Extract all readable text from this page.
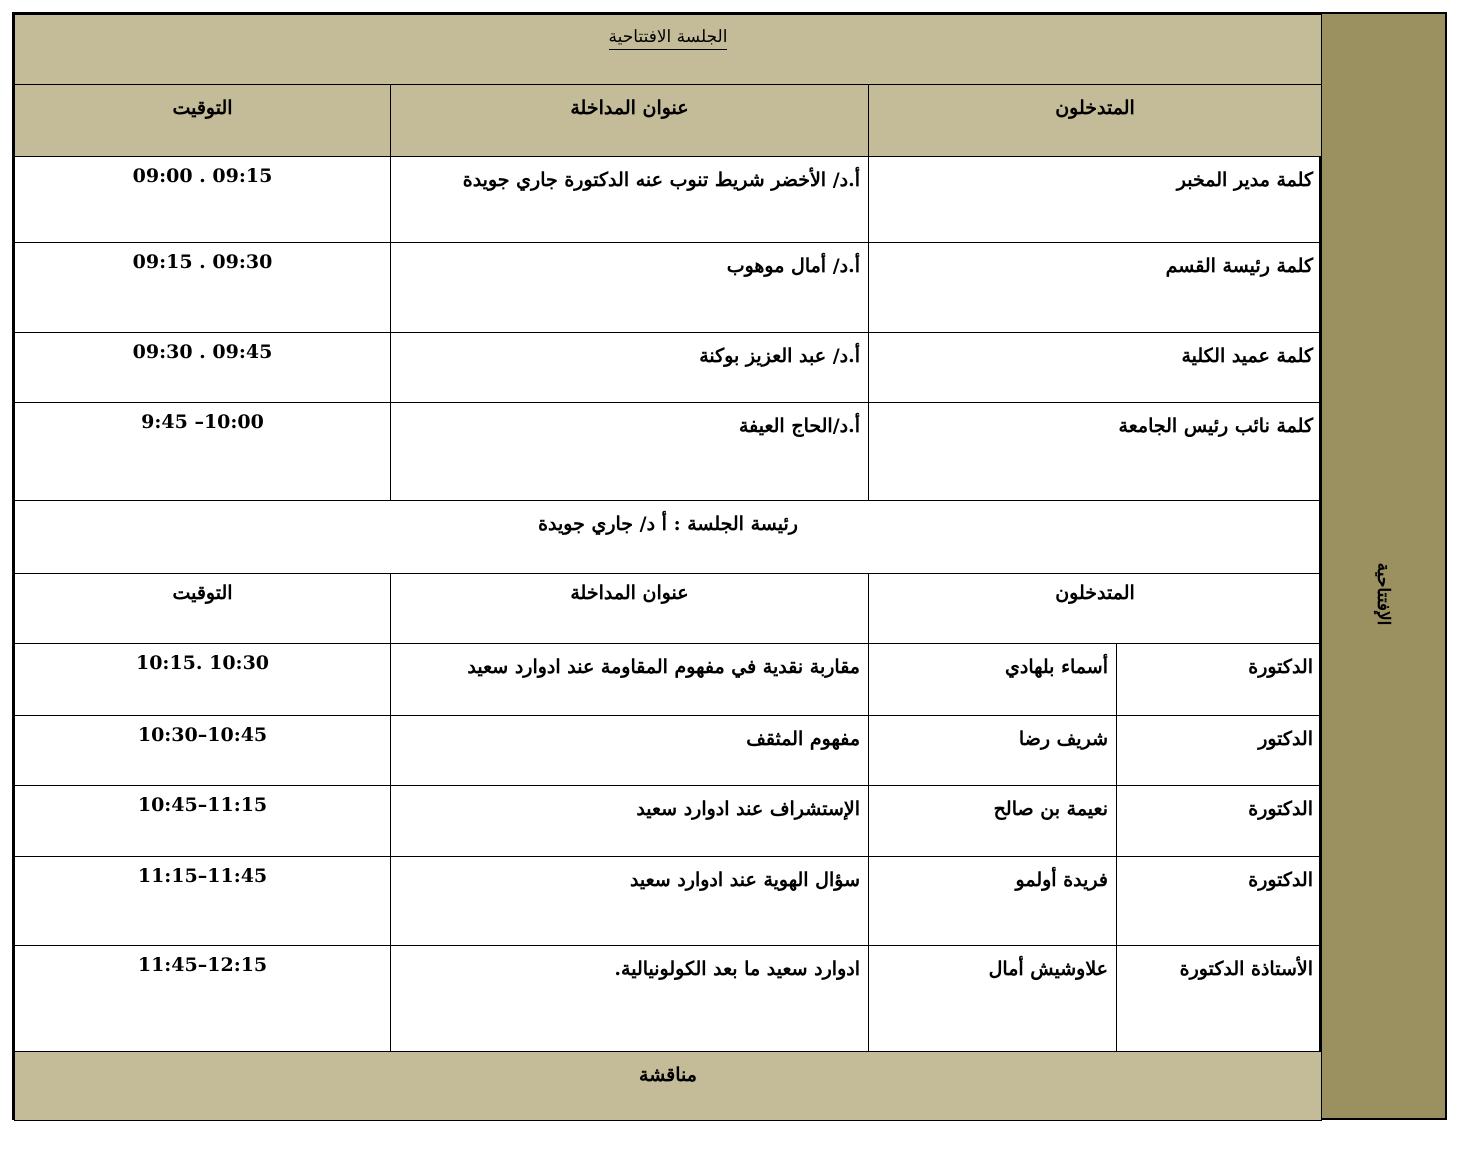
الإفتتاحية
الجلسة الافتتاحية			
المتدخلون		عنوان المداخلة	التوقيت
كلمة مدير المخبر		أ.د/ الأخضر شريط تنوب عنه الدكتورة جاري جويدة	09:15 . 09:00
كلمة رئيسة القسم		أ.د/ أمال موهوب	09:30 . 09:15
كلمة عميد الكلية		أ.د/ عبد العزيز بوكنة	09:45 . 09:30
كلمة نائب رئيس الجامعة		أ.د/الحاج العيفة	10:00– 9:45
رئيسة الجلسة : أ د/ جاري جويدة			
المتدخلون		عنوان المداخلة	التوقيت
الدكتورة	أسماء بلهادي	مقاربة نقدية في مفهوم المقاومة عند ادوارد سعيد	10:30 .10:15
الدكتور	شريف رضا	مفهوم المثقف	10:45–10:30
الدكتورة	نعيمة بن صالح	الإستشراف عند ادوارد سعيد	11:15–10:45
الدكتورة	فريدة أولمو	سؤال الهوية عند ادوارد سعيد	11:45–11:15
الأستاذة الدكتورة	علاوشيش أمال	ادوارد سعيد ما بعد الكولونيالية.	12:15–11:45
مناقشة			
